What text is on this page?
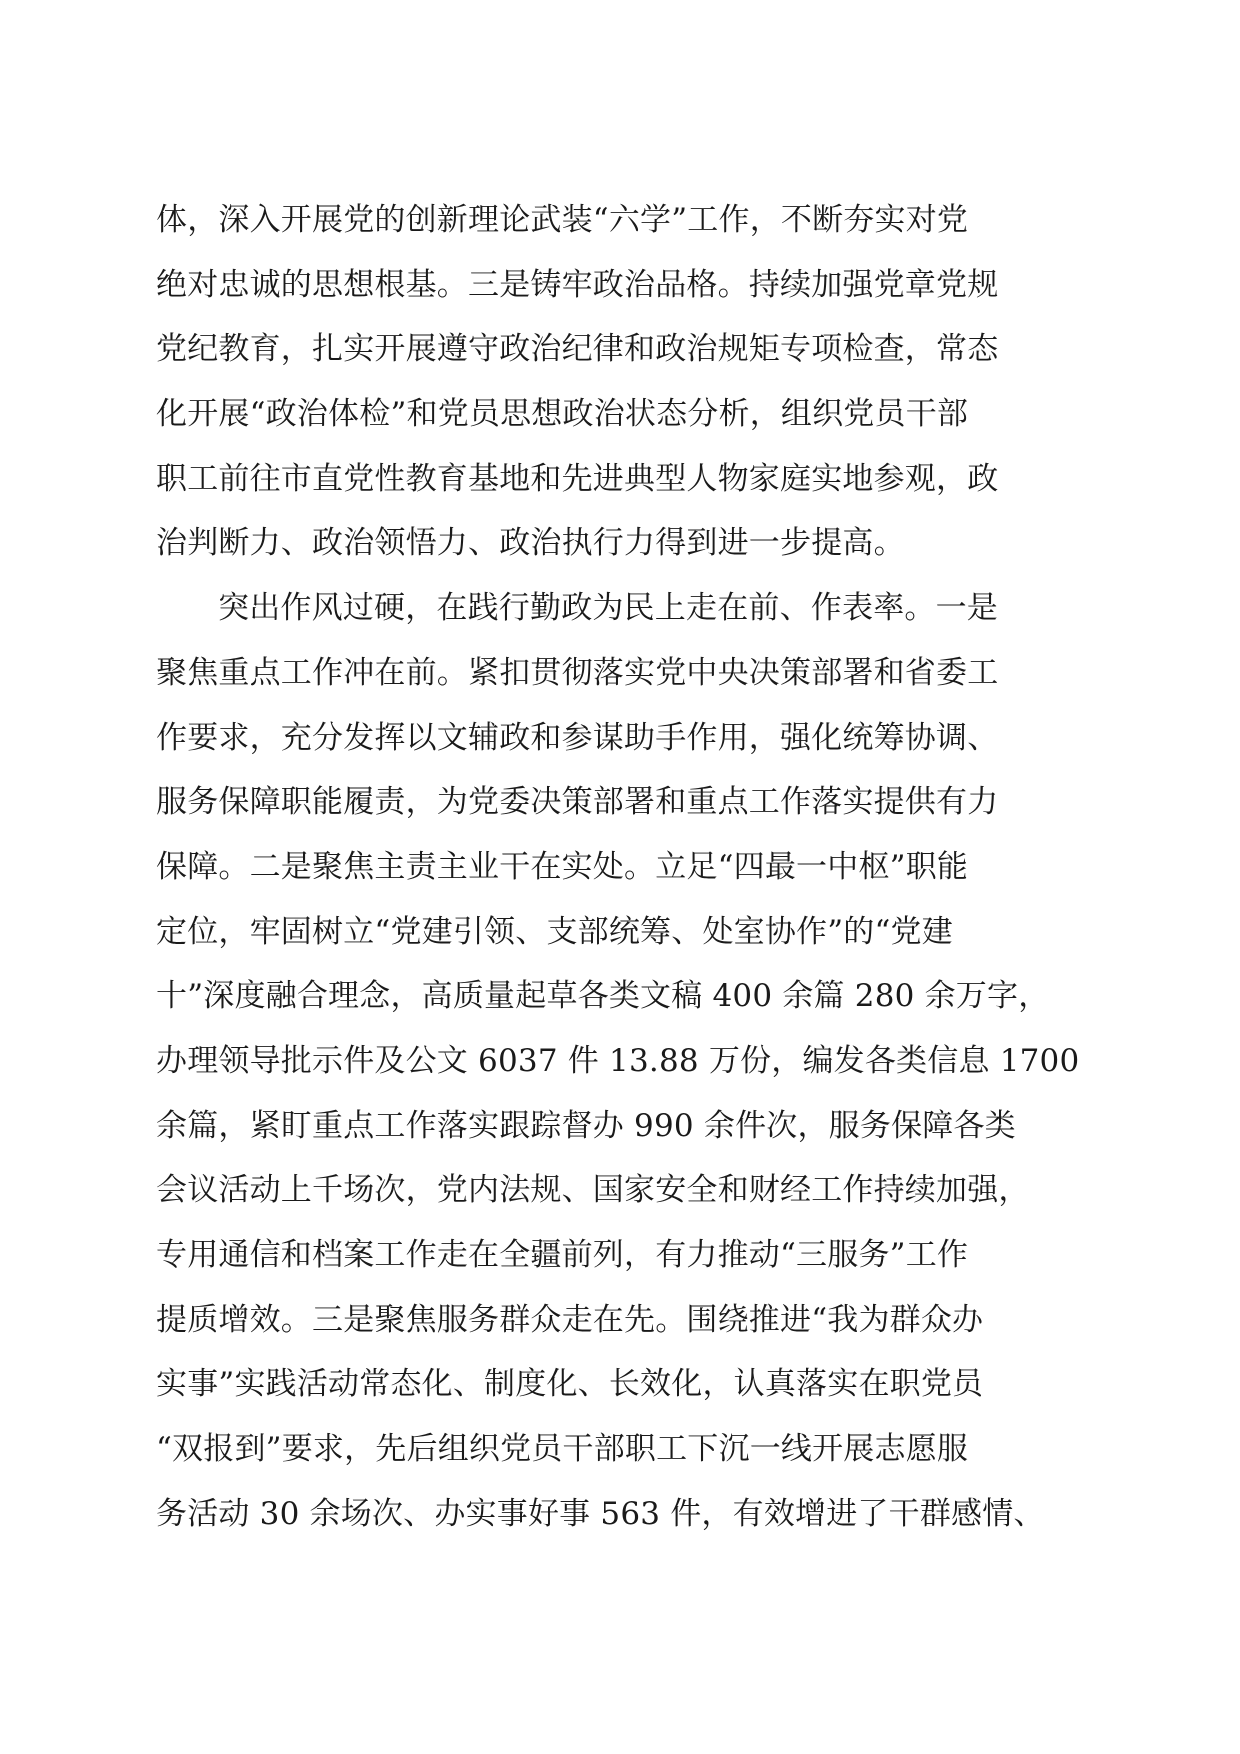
体，深入开展党的创新理论武装“六学”工作，不断夯实对党
绝对忠诚的思想根基。三是铸牢政治品格。持续加强党章党规
党纪教育，扎实开展遵守政治纪律和政治规矩专项检查，常态
化开展“政治体检”和党员思想政治状态分析，组织党员干部
职工前往市直党性教育基地和先进典型人物家庭实地参观，政
治判断力、政治领悟力、政治执行力得到进一步提高。
突出作风过硬，在践行勤政为民上走在前、作表率。一是
聚焦重点工作冲在前。紧扣贯彻落实党中央决策部署和省委工
作要求，充分发挥以文辅政和参谋助手作用，强化统筹协调、
服务保障职能履责，为党委决策部署和重点工作落实提供有力
保障。二是聚焦主责主业干在实处。立足“四最一中枢”职能
定位，牢固树立“党建引领、支部统筹、处室协作”的“党建
十”深度融合理念，高质量起草各类文稿 400 余篇 280 余万字，
办理领导批示件及公文 6037 件 13.88 万份，编发各类信息 1700
余篇，紧盯重点工作落实跟踪督办 990 余件次，服务保障各类
会议活动上千场次，党内法规、国家安全和财经工作持续加强，
专用通信和档案工作走在全疆前列，有力推动“三服务”工作
提质增效。三是聚焦服务群众走在先。围绕推进“我为群众办
实事”实践活动常态化、制度化、长效化，认真落实在职党员
“双报到”要求，先后组织党员干部职工下沉一线开展志愿服
务活动 30 余场次、办实事好事 563 件，有效增进了干群感情、
